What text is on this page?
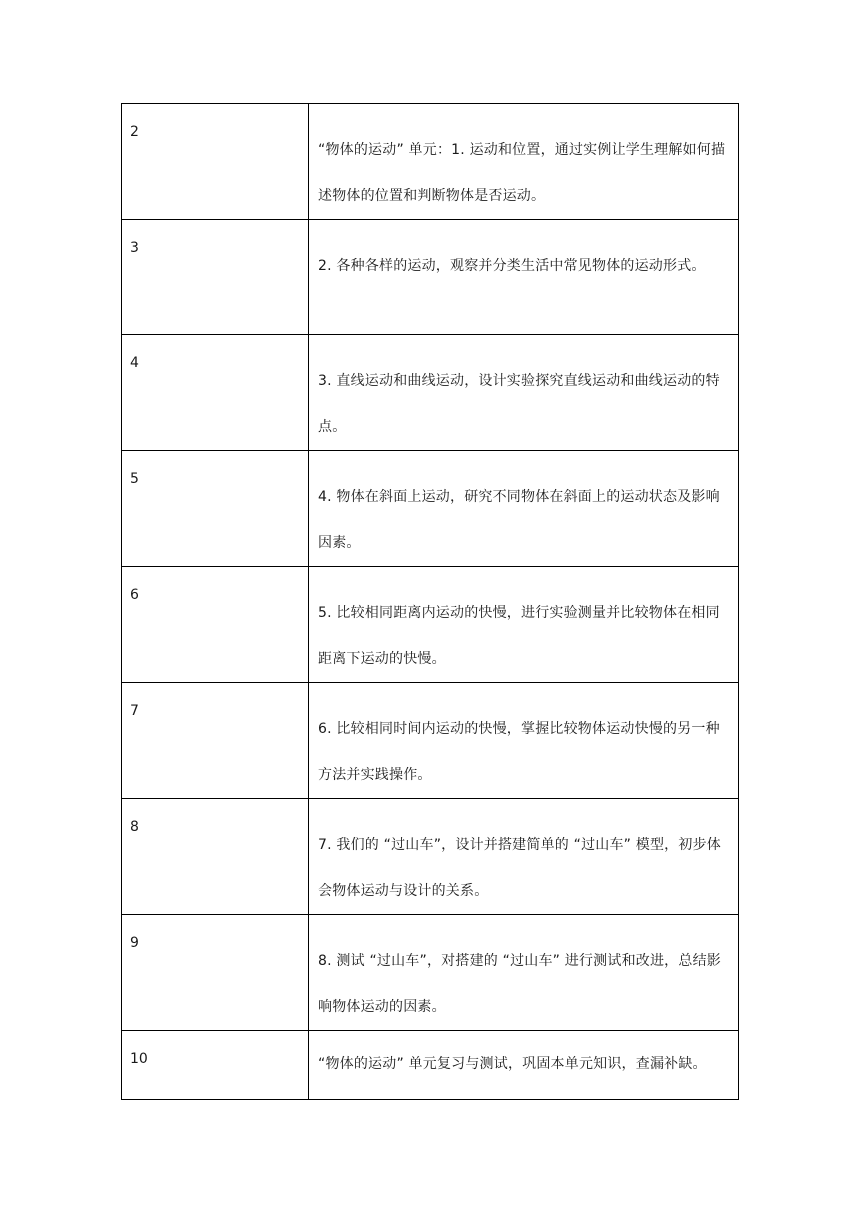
2	“物体的运动” 单元：1. 运动和位置，通过实例让学生理解如何描述物体的位置和判断物体是否运动。

3	2. 各种各样的运动，观察并分类生活中常见物体的运动形式。

4	3. 直线运动和曲线运动，设计实验探究直线运动和曲线运动的特点。

5	4. 物体在斜面上运动，研究不同物体在斜面上的运动状态及影响因素。

6	5. 比较相同距离内运动的快慢，进行实验测量并比较物体在相同距离下运动的快慢。

7	6. 比较相同时间内运动的快慢，掌握比较物体运动快慢的另一种方法并实践操作。

8	7. 我们的 “过山车”，设计并搭建简单的 “过山车” 模型，初步体会物体运动与设计的关系。

9	8. 测试 “过山车”，对搭建的 “过山车” 进行测试和改进，总结影响物体运动的因素。

10	“物体的运动” 单元复习与测试，巩固本单元知识，查漏补缺。
